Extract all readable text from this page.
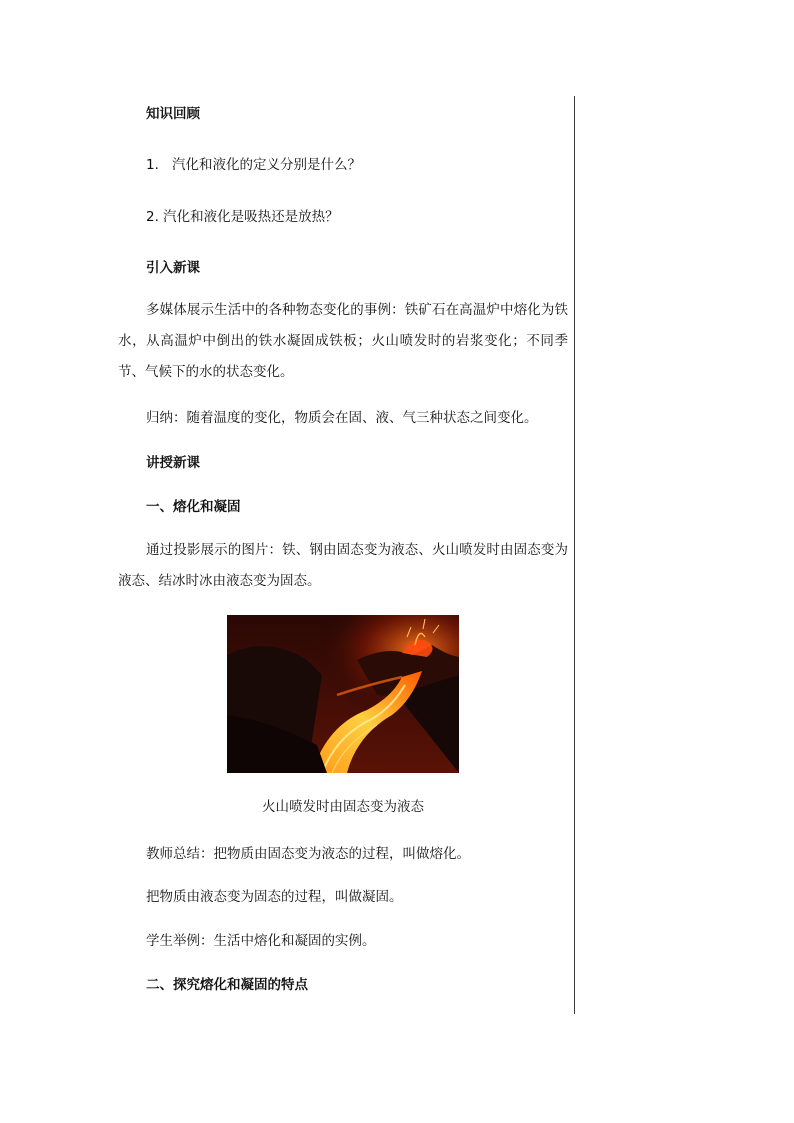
知识回顾
1. 汽化和液化的定义分别是什么？
2. 汽化和液化是吸热还是放热？
引入新课
多媒体展示生活中的各种物态变化的事例：铁矿石在高温炉中熔化为铁水，从高温炉中倒出的铁水凝固成铁板；火山喷发时的岩浆变化；不同季节、气候下的水的状态变化。
归纳：随着温度的变化，物质会在固、液、气三种状态之间变化。
讲授新课
一、熔化和凝固
通过投影展示的图片：铁、钢由固态变为液态、火山喷发时由固态变为液态、结冰时冰由液态变为固态。
火山喷发时由固态变为液态
教师总结：把物质由固态变为液态的过程，叫做熔化。
把物质由液态变为固态的过程，叫做凝固。
学生举例：生活中熔化和凝固的实例。
二、探究熔化和凝固的特点
